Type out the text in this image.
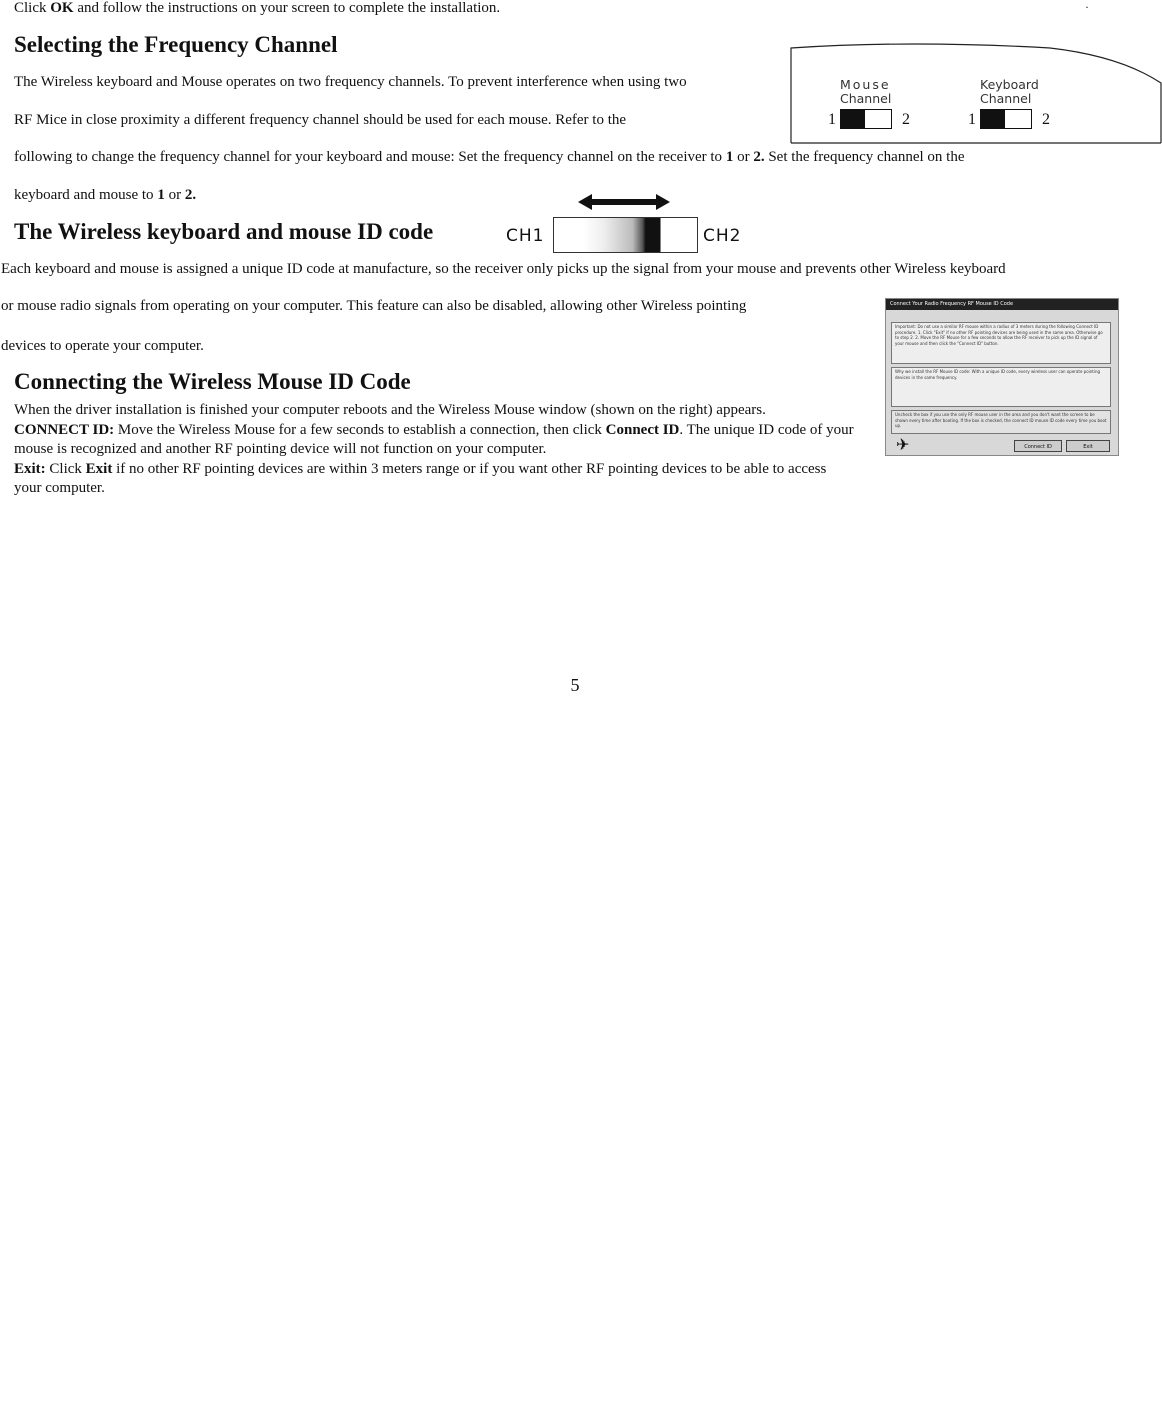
Click OK and follow the instructions on your screen to complete the installation.	·
Selecting the Frequency Channel

The Wireless keyboard and Mouse operates on two frequency channels. To prevent interference when using two

RF Mice in close proximity a different frequency channel should be used for each mouse. Refer to the

following to change the frequency channel for your keyboard and mouse: Set the frequency channel on the receiver to 1 or 2. Set the frequency channel on the

keyboard and mouse to 1 or 2.

Mouse
Channel
Keyboard
Channel
1	2	1	2
The Wireless keyboard and mouse ID code	CH1	CH2

Each keyboard and mouse is assigned a unique ID code at manufacture, so the receiver only picks up the signal from your mouse and prevents other Wireless keyboard

or mouse radio signals from operating on your computer. This feature can also be disabled, allowing other Wireless pointing

devices to operate your computer.

Connecting the Wireless Mouse ID Code

When the driver installation is finished your computer reboots and the Wireless Mouse window (shown on the right) appears.

CONNECT ID: Move the Wireless Mouse for a few seconds to establish a connection, then click Connect ID. The unique ID code of your mouse is recognized and another RF pointing device will not function on your computer.

Exit: Click Exit if no other RF pointing devices are within 3 meters range or if you want other RF pointing devices to be able to access your computer.

Connect Your Radio Frequency RF Mouse ID Code
Important: Do not use a similar RF mouse within a radius of 3 meters during the following Connect ID procedure. 1. Click "Exit" if no other RF pointing devices are being used in the same area. Otherwise go to step 2. 2. Move the RF Mouse for a few seconds to allow the RF receiver to pick up the ID signal of your mouse and then click the "Connect ID" button.
Why we install the RF Mouse ID code: With a unique ID code, every wireless user can operate pointing devices in the same frequency.
Uncheck the box if you use the only RF mouse user in the area and you don't want the screen to be shown every time after booting. If the box is checked, the connect ID mouse ID code every time you boot up.
✈	Connect ID	Exit
5
